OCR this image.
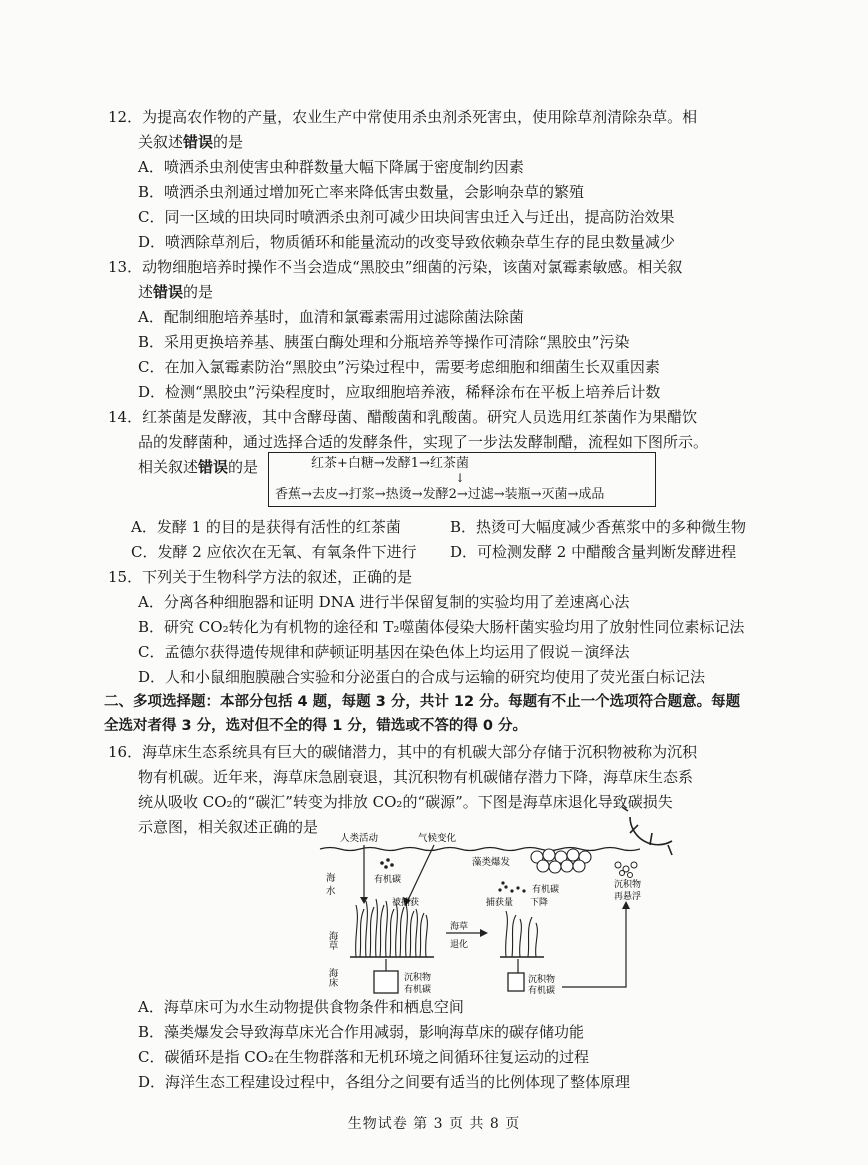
12．为提高农作物的产量，农业生产中常使用杀虫剂杀死害虫，使用除草剂清除杂草。相

关叙述错误的是

A．喷洒杀虫剂使害虫种群数量大幅下降属于密度制约因素

B．喷洒杀虫剂通过增加死亡率来降低害虫数量，会影响杂草的繁殖

C．同一区域的田块同时喷洒杀虫剂可减少田块间害虫迁入与迁出，提高防治效果

D．喷洒除草剂后，物质循环和能量流动的改变导致依赖杂草生存的昆虫数量减少

13．动物细胞培养时操作不当会造成“黑胶虫”细菌的污染，该菌对氯霉素敏感。相关叙

述错误的是

A．配制细胞培养基时，血清和氯霉素需用过滤除菌法除菌

B．采用更换培养基、胰蛋白酶处理和分瓶培养等操作可清除“黑胶虫”污染

C．在加入氯霉素防治“黑胶虫”污染过程中，需要考虑细胞和细菌生长双重因素

D．检测“黑胶虫”污染程度时，应取细胞培养液，稀释涂布在平板上培养后计数

14．红茶菌是发酵液，其中含酵母菌、醋酸菌和乳酸菌。研究人员选用红茶菌作为果醋饮

品的发酵菌种，通过选择合适的发酵条件，实现了一步法发酵制醋，流程如下图所示。

相关叙述错误的是	红茶+白糖→发酵1→红茶菌
↓
香蕉→去皮→打浆→热烫→发酵2→过滤→装瓶→灭菌→成品

A．发酵 1 的目的是获得有活性的红茶菌	B．热烫可大幅度减少香蕉浆中的多种微生物

C．发酵 2 应依次在无氧、有氧条件下进行 D．可检测发酵 2 中醋酸含量判断发酵进程

15．下列关于生物科学方法的叙述，正确的是

A．分离各种细胞器和证明 DNA 进行半保留复制的实验均用了差速离心法

B．研究 CO₂转化为有机物的途径和 T₂噬菌体侵染大肠杆菌实验均用了放射性同位素标记法

C．孟德尔获得遗传规律和萨顿证明基因在染色体上均运用了假说－演绎法

D．人和小鼠细胞膜融合实验和分泌蛋白的合成与运输的研究均使用了荧光蛋白标记法

二、多项选择题：本部分包括 4 题，每题 3 分，共计 12 分。每题有不止一个选项符合题意。每题

全选对者得 3 分，选对但不全的得 1 分，错选或不答的得 0 分。

16．海草床生态系统具有巨大的碳储潜力，其中的有机碳大部分存储于沉积物被称为沉积

物有机碳。近年来，海草床急剧衰退，其沉积物有机碳储存潜力下降，海草床生态系

统从吸收 CO₂的“碳汇”转变为排放 CO₂的“碳源”。下图是海草床退化导致碳损失

示意图，相关叙述正确的是

人类活动	气候变化
藻类爆发
海
水
海草
海床
有机碳
被捕获
海草
退化
有机碳
捕获量 下降
沉积物
有机碳
沉积物
有机碳
沉积物
再悬浮

A．海草床可为水生动物提供食物条件和栖息空间

B．藻类爆发会导致海草床光合作用减弱，影响海草床的碳存储功能

C．碳循环是指 CO₂在生物群落和无机环境之间循环往复运动的过程

D．海洋生态工程建设过程中，各组分之间要有适当的比例体现了整体原理

生物试卷 第 3 页 共 8 页
